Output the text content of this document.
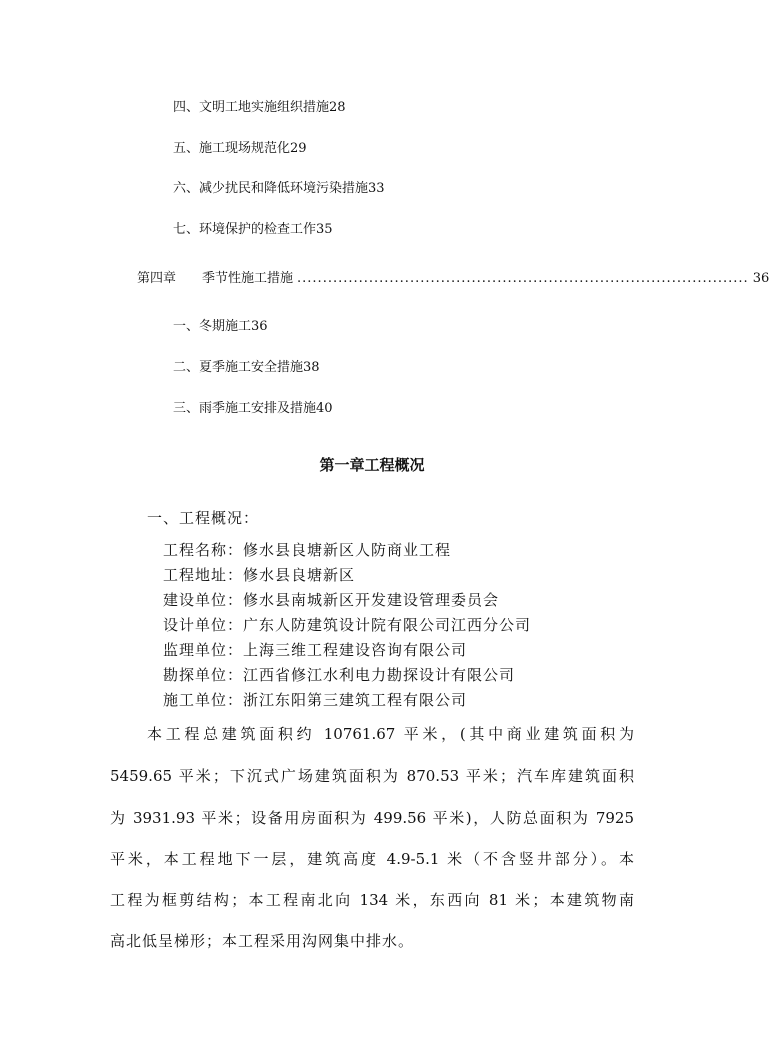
四、文明工地实施组织措施28
五、施工现场规范化29
六、减少扰民和降低环境污染措施33
七、环境保护的检查工作35
第四章 季节性施工措施 ........................................................................................ 36
一、冬期施工36
二、夏季施工安全措施38
三、雨季施工安排及措施40
第一章工程概况
一、工程概况：
工程名称：修水县良塘新区人防商业工程
工程地址：修水县良塘新区
建设单位：修水县南城新区开发建设管理委员会
设计单位：广东人防建筑设计院有限公司江西分公司
监理单位：上海三维工程建设咨询有限公司
勘探单位：江西省修江水利电力勘探设计有限公司
施工单位：浙江东阳第三建筑工程有限公司
本工程总建筑面积约 10761.67 平米，(其中商业建筑面积为
5459.65 平米；下沉式广场建筑面积为 870.53 平米；汽车库建筑面积
为 3931.93 平米；设备用房面积为 499.56 平米)，人防总面积为 7925
平米，本工程地下一层，建筑高度 4.9-5.1 米（不含竖井部分）。本
工程为框剪结构；本工程南北向 134 米，东西向 81 米；本建筑物南
高北低呈梯形；本工程采用沟网集中排水。
